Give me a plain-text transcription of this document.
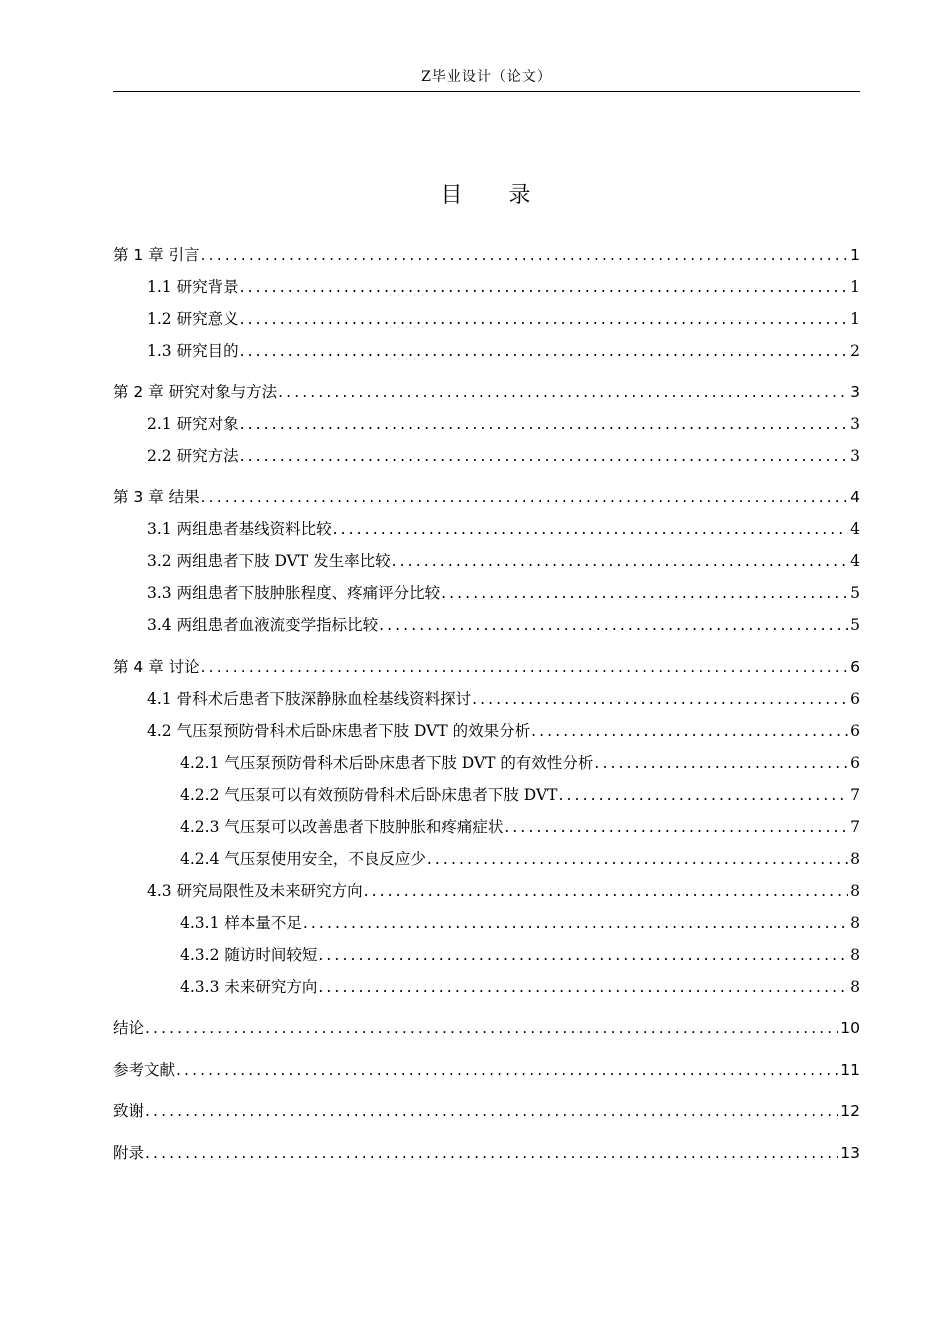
Z毕业设计（论文）
目 录
第 1 章 引言 .....	1
1.1 研究背景 .....	1
1.2 研究意义 .....	1
1.3 研究目的 .....	2
第 2 章 研究对象与方法 .....	3
2.1 研究对象 .....	3
2.2 研究方法 .....	3
第 3 章 结果 .....	4
3.1 两组患者基线资料比较 .....	4
3.2 两组患者下肢 DVT 发生率比较 .....	4
3.3 两组患者下肢肿胀程度、疼痛评分比较 .....	5
3.4 两组患者血液流变学指标比较 .....	5
第 4 章 讨论 .....	6
4.1 骨科术后患者下肢深静脉血栓基线资料探讨 .....	6
4.2 气压泵预防骨科术后卧床患者下肢 DVT 的效果分析 .....	6
4.2.1 气压泵预防骨科术后卧床患者下肢 DVT 的有效性分析 .....	6
4.2.2 气压泵可以有效预防骨科术后卧床患者下肢 DVT .....	7
4.2.3 气压泵可以改善患者下肢肿胀和疼痛症状 .....	7
4.2.4 气压泵使用安全，不良反应少 .....	8
4.3 研究局限性及未来研究方向 .....	8
4.3.1 样本量不足 .....	8
4.3.2 随访时间较短 .....	8
4.3.3 未来研究方向 .....	8
结论 .....	10
参考文献 .....	11
致谢 .....	12
附录 .....	13
